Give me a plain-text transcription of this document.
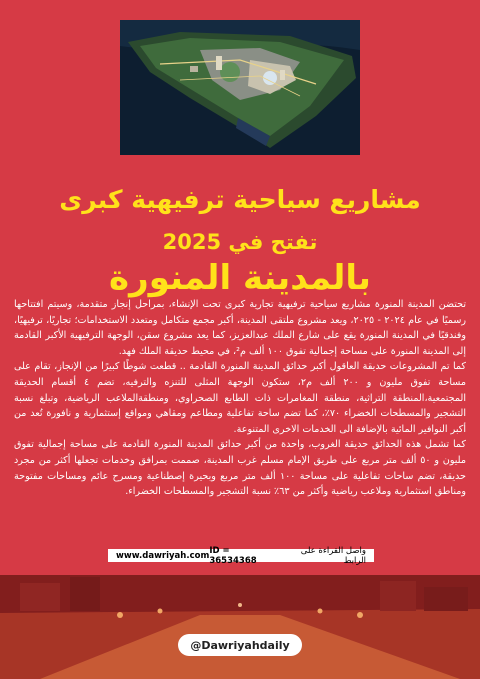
مشاريع سياحية ترفيهية كبرى
تفتح في 2025
بالمدينة المنورة

تحتضن المدينة المنورة مشاريع سياحية ترفيهية تجارية كبرى تحت الإنشاء، بمراحل إنجاز متقدمة، وسيتم افتتاحها رسميًا في عام ٢٠٢٤ - ٢٠٢٥، ويعد مشروع ملتقى المدينة، أكبر مجمع متكامل ومتعدد الاستخدامات؛ تجاريًا، ترفيهيًا، وفندقيًا في المدينة المنورة يقع على شارع الملك عبدالعزيز، كما يعد مشروع سقن، الوجهة الترفيهية الأكبر القادمة إلى المدينة المنورة على مساحة إجمالية تفوق ١٠٠ ألف م²، في محيط حديقة الملك فهد.

كما تم المشروعات حديقة العاقول أكبر حدائق المدينة المنورة القادمة .. قطعت شوطًا كبيرًا من الإنجاز، تقام على مساحة تفوق مليون و ٢٠٠ ألف م٢، ستكون الوجهة المثلى للتنزه والترفيه، تضم ٤ أقسام الحديقة المجتمعية،المنطقة التراثية، منطقة المغامرات ذات الطابع الصحراوي، ومنطقةالملاعب الرياضية، وتبلغ نسبة التشجير والمسطحات الخضراء ٧٠٪، كما تضم ساحة تفاعلية ومطاعم ومقاهي ومواقع إستثمارية و نافورة تُعد من أكبر النوافير المائية بالإضافة الى الخدمات الاخرى المتنوعة.

كما تشمل هذه الحدائق حديقة الغروب، واحدة من أكبر حدائق المدينة المنورة القادمة على مساحة إجمالية تفوق مليون و ٥٠ ألف متر مربع على طريق الإمام مسلم غرب المدينة، صممت بمرافق وخدمات تجعلها أكثر من مجرد حديقة، تضم ساحات تفاعلية على مساحة ١٠٠ ألف متر مربع وبحيرة إصطناعية ومسرح عائم ومساحات مفتوحة ومناطق استثمارية وملاعب رياضية وأكثر من ٦٣٪ نسبة التشجير والمسطحات الخضراء.

www.dawriyah.com ID = 36534368
واصل القراءة على الرابط
@Dawriyahdaily
